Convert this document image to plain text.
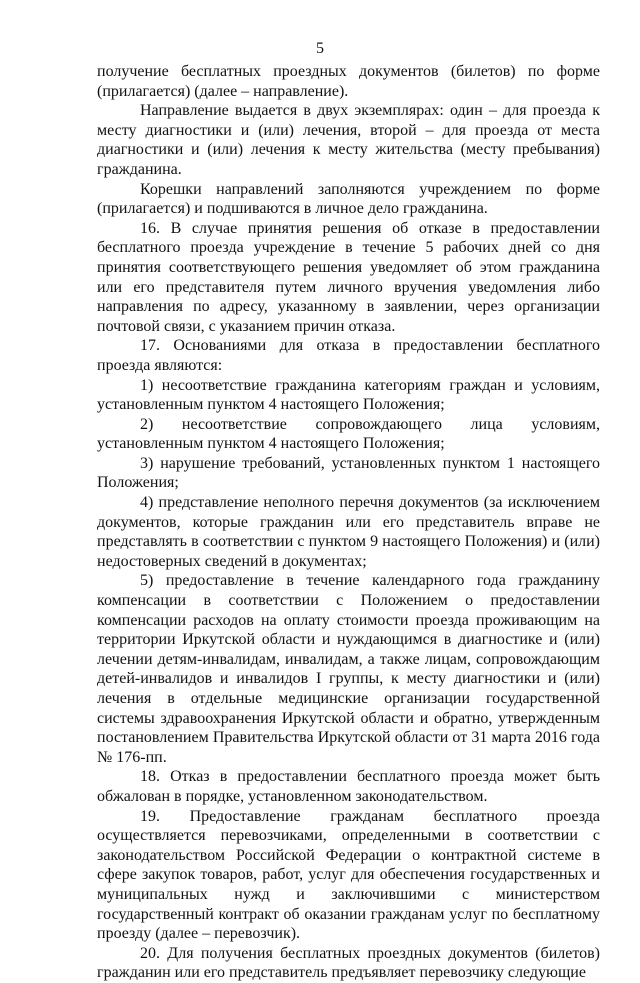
5

получение бесплатных проездных документов (билетов) по форме (прилагается) (далее – направление).

Направление выдается в двух экземплярах: один – для проезда к месту диагностики и (или) лечения, второй – для проезда от места диагностики и (или) лечения к месту жительства (месту пребывания) гражданина.

Корешки направлений заполняются учреждением по форме (прилагается) и подшиваются в личное дело гражданина.

16. В случае принятия решения об отказе в предоставлении бесплатного проезда учреждение в течение 5 рабочих дней со дня принятия соответствующего решения уведомляет об этом гражданина или его представителя путем личного вручения уведомления либо направления по адресу, указанному в заявлении, через организации почтовой связи, с указанием причин отказа.

17. Основаниями для отказа в предоставлении бесплатного проезда являются:

1) несоответствие гражданина категориям граждан и условиям, установленным пунктом 4 настоящего Положения;

2) несоответствие сопровождающего лица условиям, установленным пунктом 4 настоящего Положения;

3) нарушение требований, установленных пунктом 1 настоящего Положения;

4) представление неполного перечня документов (за исключением документов, которые гражданин или его представитель вправе не представлять в соответствии с пунктом 9 настоящего Положения) и (или) недостоверных сведений в документах;

5) предоставление в течение календарного года гражданину компенсации в соответствии с Положением о предоставлении компенсации расходов на оплату стоимости проезда проживающим на территории Иркутской области и нуждающимся в диагностике и (или) лечении детям-инвалидам, инвалидам, а также лицам, сопровождающим детей-инвалидов и инвалидов I группы, к месту диагностики и (или) лечения в отдельные медицинские организации государственной системы здравоохранения Иркутской области и обратно, утвержденным постановлением Правительства Иркутской области от 31 марта 2016 года № 176-пп.

18. Отказ в предоставлении бесплатного проезда может быть обжалован в порядке, установленном законодательством.

19. Предоставление гражданам бесплатного проезда осуществляется перевозчиками, определенными в соответствии с законодательством Российской Федерации о контрактной системе в сфере закупок товаров, работ, услуг для обеспечения государственных и муниципальных нужд и заключившими с министерством государственный контракт об оказании гражданам услуг по бесплатному проезду (далее – перевозчик).

20. Для получения бесплатных проездных документов (билетов) гражданин или его представитель предъявляет перевозчику следующие
